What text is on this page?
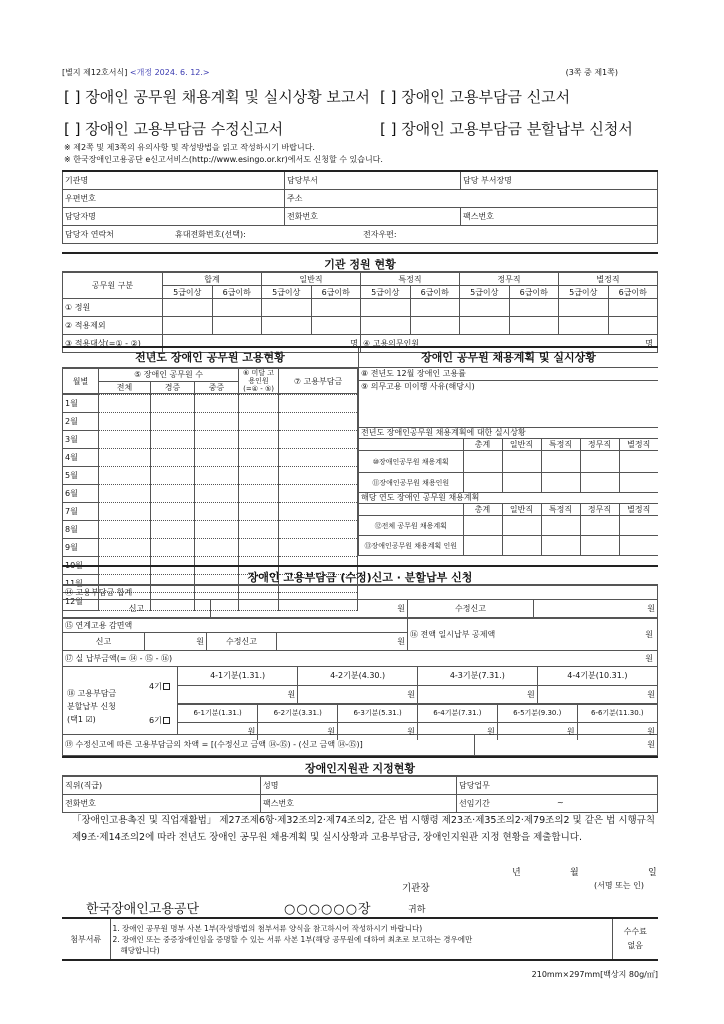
[별지 제12호서식] <개정 2024. 6. 12.>	(3쪽 중 제1쪽)
[ ] 장애인 공무원 채용계획 및 실시상황 보고서 [ ] 장애인 고용부담금 신고서
[ ] 장애인 고용부담금 수정신고서	[ ] 장애인 고용부담금 분할납부 신청서
※ 제2쪽 및 제3쪽의 유의사항 및 작성방법을 읽고 작성하시기 바랍니다.
※ 한국장애인고용공단 e신고서비스(http://www.esingo.or.kr)에서도 신청할 수 있습니다.
기관명	담당부서	담당 부서장명
우편번호	주소	
담당자명	전화번호	팩스번호
담당자 연락처 휴대전화번호(선택): 전자우편:		
기관 정원 현황
공무원 구분	합계		일반직		특정직		정무직		별정직	
	5급이상	6급이하	5급이상	6급이하	5급이상	6급이하	5급이상	6급이하	5급이상	6급이하
① 정원										
② 적용제외										
③ 적용대상(=① - ②)	명				④ 고용의무인원 명					
전년도 장애인 공무원 고용현황
월별	⑤ 장애인 공무원 수			⑥ 미달 고용인원 (=④ - ⑤)	⑦ 고용부담금
	전체	경증	중증		
1월					
2월					
3월					
4월					
5월					
6월					
7월					
8월					
9월					
10월					
11월					
12월					
장애인 공무원 채용계획 및 실시상황
⑧ 전년도 12월 장애인 고용률
⑨ 의무고용 미이행 사유(해당시)
전년도 장애인공무원 채용계획에 대한 실시상황
	총계	일반직	특정직	정무직	별정직
⑩장애인공무원 채용계획					
⑪장애인공무원 채용인원					
해당 연도 장애인 공무원 채용계획
	총계	일반직	특정직	정무직	별정직
⑫전체 공무원 채용계획					
⑬장애인공무원 채용계획 인원					
장애인 고용부담금 (수정)신고 · 분할납부 신청
⑭ 고용부담금 합계
신고	원	수정신고	원
⑮ 연계고용 감면액				⑯ 전액 일시납부 공제액 원

신고	원	수정신고	원	
⑰ 실 납부금액(= ⑭ - ⑮ - ⑯) 원				
⑱ 고용부담금
분할납부 신청
(택1 ☑)
4기
6기
4-1기분(1.31.)	4-2기분(4.30.)	4-3기분(7.31.)	4-4기분(10.31.)
원	원	원	원
6-1기분(1.31.)	6-2기분(3.31.)	6-3기분(5.31.)	6-4기분(7.31.)	6-5기분(9.30.)	6-6기분(11.30.)
원	원	원	원	원	원
⑲ 수정신고에 따른 고용부담금의 차액 = [(수정신고 금액 ⑭-⑮) - (신고 금액 ⑭-⑮)]	원
장애인지원관 지정현황
직위(직급)	성명	담당업무
전화번호	팩스번호	선임기간 ~
「장애인고용촉진 및 직업재활법」 제27조제6항·제32조의2·제74조의2, 같은 법 시행령 제23조·제35조의2·제79조의2 및 같은 법 시행규칙 제9조·제14조의2에 따라 전년도 장애인 공무원 채용계획 및 실시상황과 고용부담금, 장애인지원관 지정 현황을 제출합니다.
년	월	일
기관장	(서명 또는 인)
한국장애인고용공단	○○○○○○장	귀하
첨부서류	
1. 장애인 공무원 명부 사본 1부(작성방법의 첨부서류 양식을 참고하시어 작성하시기 바랍니다)
2. 장애인 또는 중증장애인임을 증명할 수 있는 서류 사본 1부(해당 공무원에 대하여 최초로 보고하는 경우에만
해당합니다)

수수료
없음
210mm×297mm[백상지 80g/㎡]
